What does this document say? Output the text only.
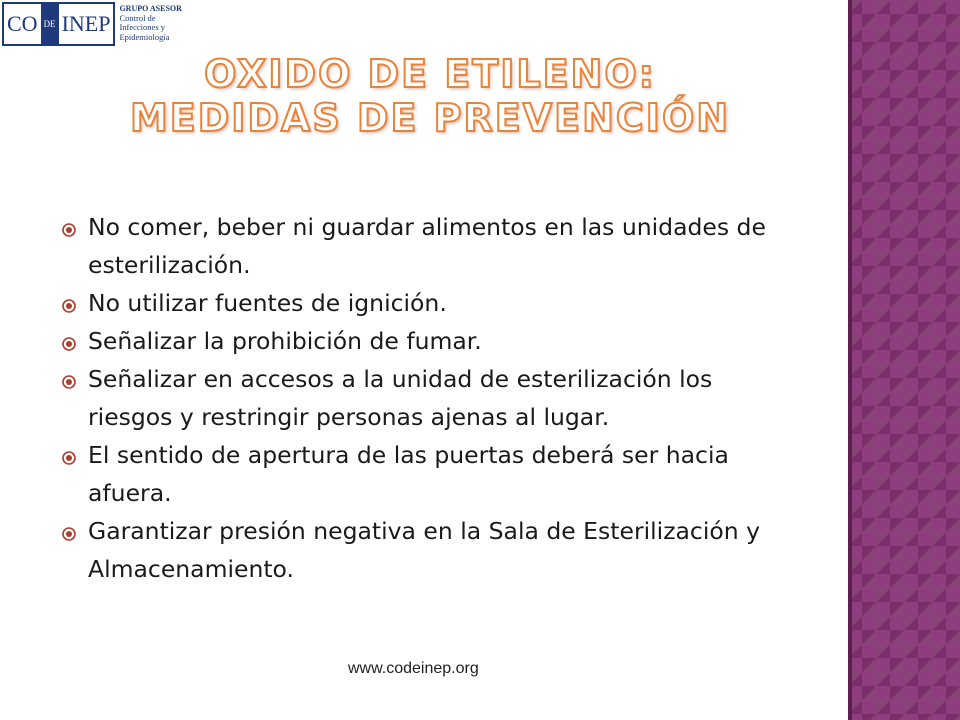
CO DE INEP
GRUPO ASESOR
Control de
Infecciones y
Epidemiología
OXIDO DE ETILENO:
MEDIDAS DE PREVENCIÓN
No comer, beber ni guardar alimentos en las unidades de esterilización.
No utilizar fuentes de ignición.
Señalizar la prohibición de fumar.
Señalizar en accesos a la unidad de esterilización los riesgos y restringir personas ajenas al lugar.
El sentido de apertura de las puertas deberá ser hacia afuera.
Garantizar presión negativa en la Sala de Esterilización y Almacenamiento.
www.codeinep.org
